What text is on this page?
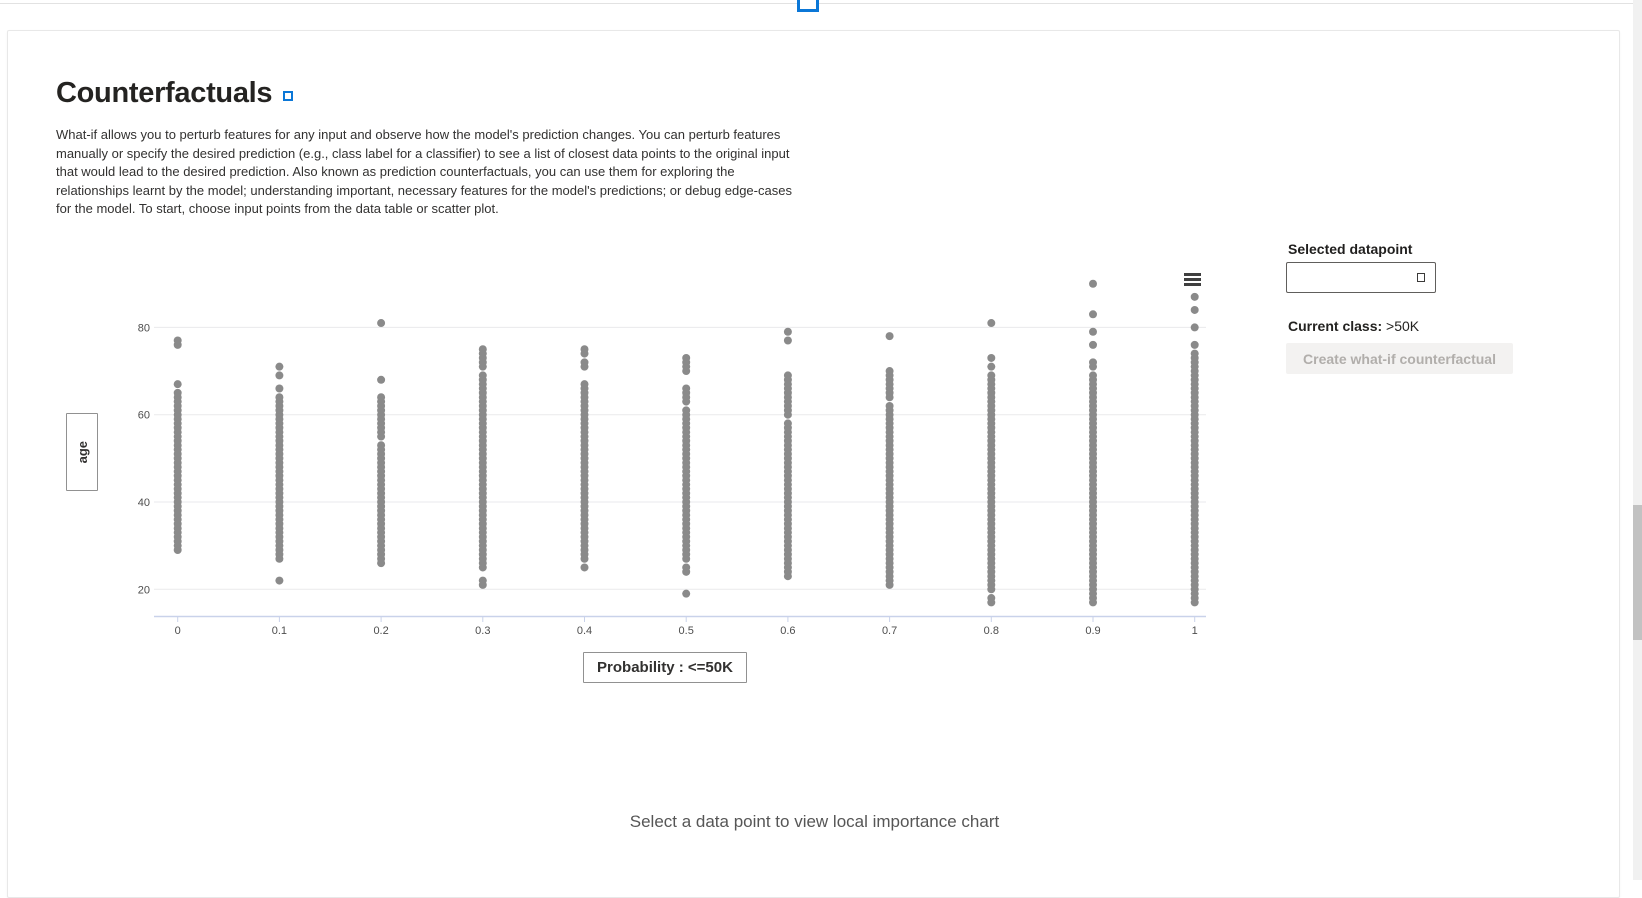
Counterfactuals
What-if allows you to perturb features for any input and observe how the model's prediction changes. You can perturb features manually or specify the desired prediction (e.g., class label for a classifier) to see a list of closest data points to the original input that would lead to the desired prediction. Also known as prediction counterfactuals, you can use them for exploring the relationships learnt by the model; understanding important, necessary features for the model's predictions; or debug edge-cases for the model. To start, choose input points from the data table or scatter plot.
20
40
60
80
0	0.1	0.2	0.3	0.4	0.5	0.6	0.7	0.8	0.9	1
age
Probability : <=50K
Selected datapoint
Current class: >50K
Create what-if counterfactual
Select a data point to view local importance chart
